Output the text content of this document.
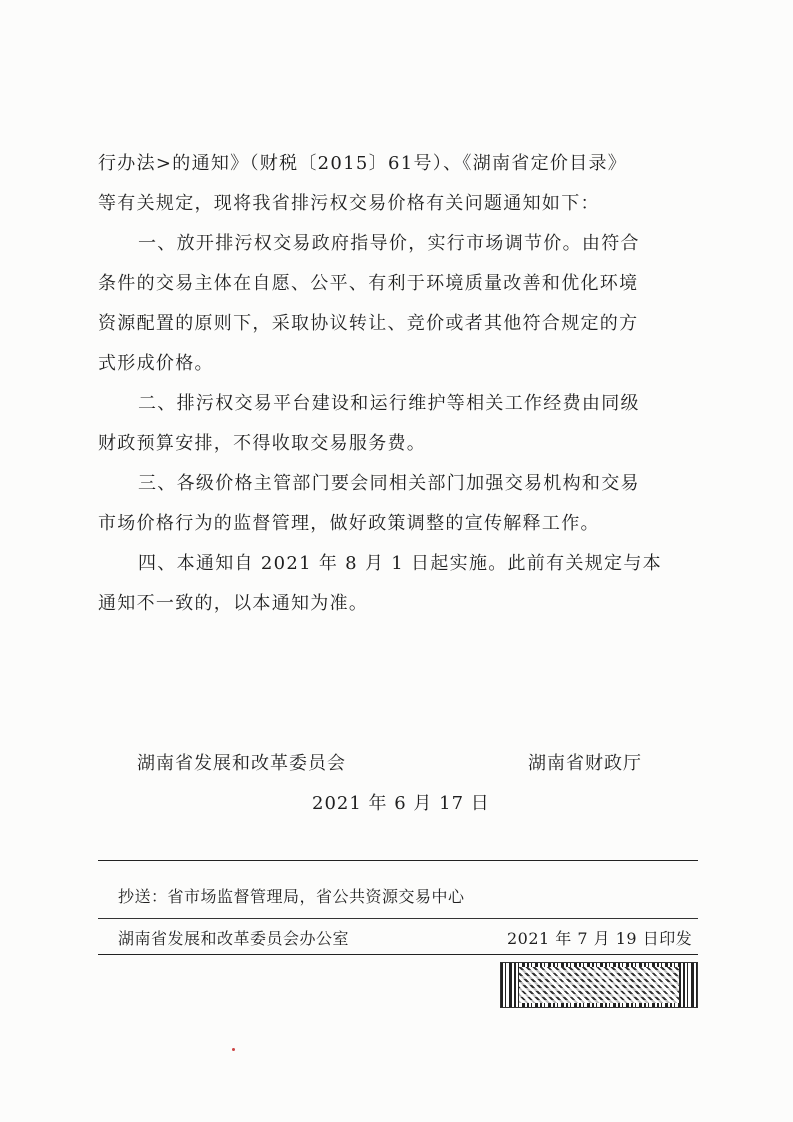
行办法>的通知》（财税〔2015〕61号）、《湖南省定价目录》
等有关规定，现将我省排污权交易价格有关问题通知如下：
一、放开排污权交易政府指导价，实行市场调节价。由符合
条件的交易主体在自愿、公平、有利于环境质量改善和优化环境
资源配置的原则下，采取协议转让、竞价或者其他符合规定的方
式形成价格。
二、排污权交易平台建设和运行维护等相关工作经费由同级
财政预算安排，不得收取交易服务费。
三、各级价格主管部门要会同相关部门加强交易机构和交易
市场价格行为的监督管理，做好政策调整的宣传解释工作。
四、本通知自 2021 年 8 月 1 日起实施。此前有关规定与本
通知不一致的，以本通知为准。
湖南省发展和改革委员会	湖南省财政厅
2021 年 6 月 17 日
抄送：省市场监督管理局，省公共资源交易中心
湖南省发展和改革委员会办公室	2021 年 7 月 19 日印发
